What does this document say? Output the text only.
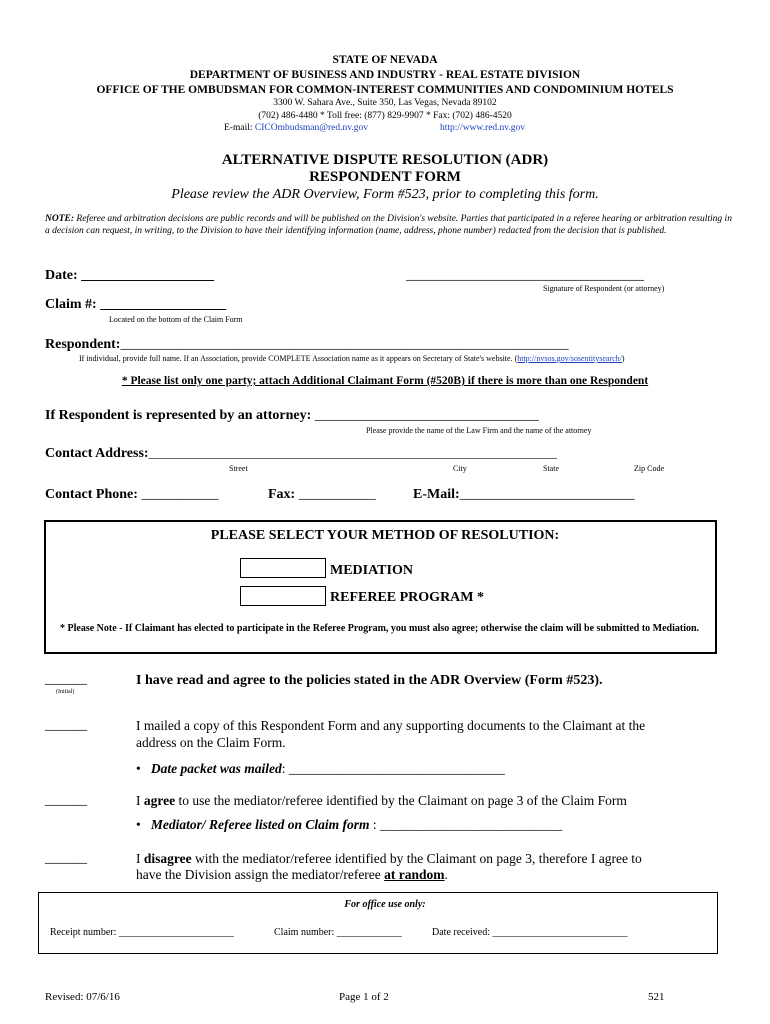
STATE OF NEVADA
DEPARTMENT OF BUSINESS AND INDUSTRY - REAL ESTATE DIVISION
OFFICE OF THE OMBUDSMAN FOR COMMON-INTEREST COMMUNITIES AND CONDOMINIUM HOTELS
3300 W. Sahara Ave., Suite 350, Las Vegas, Nevada 89102
(702) 486-4480 * Toll free: (877) 829-9907 * Fax: (702) 486-4520
E-mail: CICOmbudsman@red.nv.gov	http://www.red.nv.gov
ALTERNATIVE DISPUTE RESOLUTION (ADR)
RESPONDENT FORM
Please review the ADR Overview, Form #523, prior to completing this form.
NOTE: Referee and arbitration decisions are public records and will be published on the Division's website. Parties that participated in a referee hearing or arbitration resulting in a decision can request, in writing, to the Division to have their identifying information (name, address, phone number) redacted from the decision that is published.
Date: ___________________	__________________________________
Signature of Respondent (or attorney)
Claim #: __________________
Located on the bottom of the Claim Form
Respondent:________________________________________________________________
If individual, provide full name. If an Association, provide COMPLETE Association name as it appears on Secretary of State's website. (http://nvsos.gov/sosentitysearch/)
* Please list only one party; attach Additional Claimant Form (#520B) if there is more than one Respondent
If Respondent is represented by an attorney: ________________________________
Please provide the name of the Law Firm and the name of the attorney
Contact Address:_______________________________________________________________________
Street	City	State	Zip Code
Contact Phone: ___________	Fax: ___________	E-Mail:_________________________
PLEASE SELECT YOUR METHOD OF RESOLUTION:
MEDIATION
REFEREE PROGRAM *
* Please Note - If Claimant has elected to participate in the Referee Program, you must also agree; otherwise the claim will be submitted to Mediation.
______
(Initial)
I have read and agree to the policies stated in the ADR Overview (Form #523).
______	I mailed a copy of this Respondent Form and any supporting documents to the Claimant at the
address on the Claim Form.
• Date packet was mailed: ________________________________
______	I agree to use the mediator/referee identified by the Claimant on page 3 of the Claim Form
• Mediator/ Referee listed on Claim form : ___________________________
______	I disagree with the mediator/referee identified by the Claimant on page 3, therefore I agree to
have the Division assign the mediator/referee at random.
For office use only:
Receipt number: _______________________	Claim number: _____________	Date received: ___________________________
Revised: 07/6/16	Page 1 of 2	521
